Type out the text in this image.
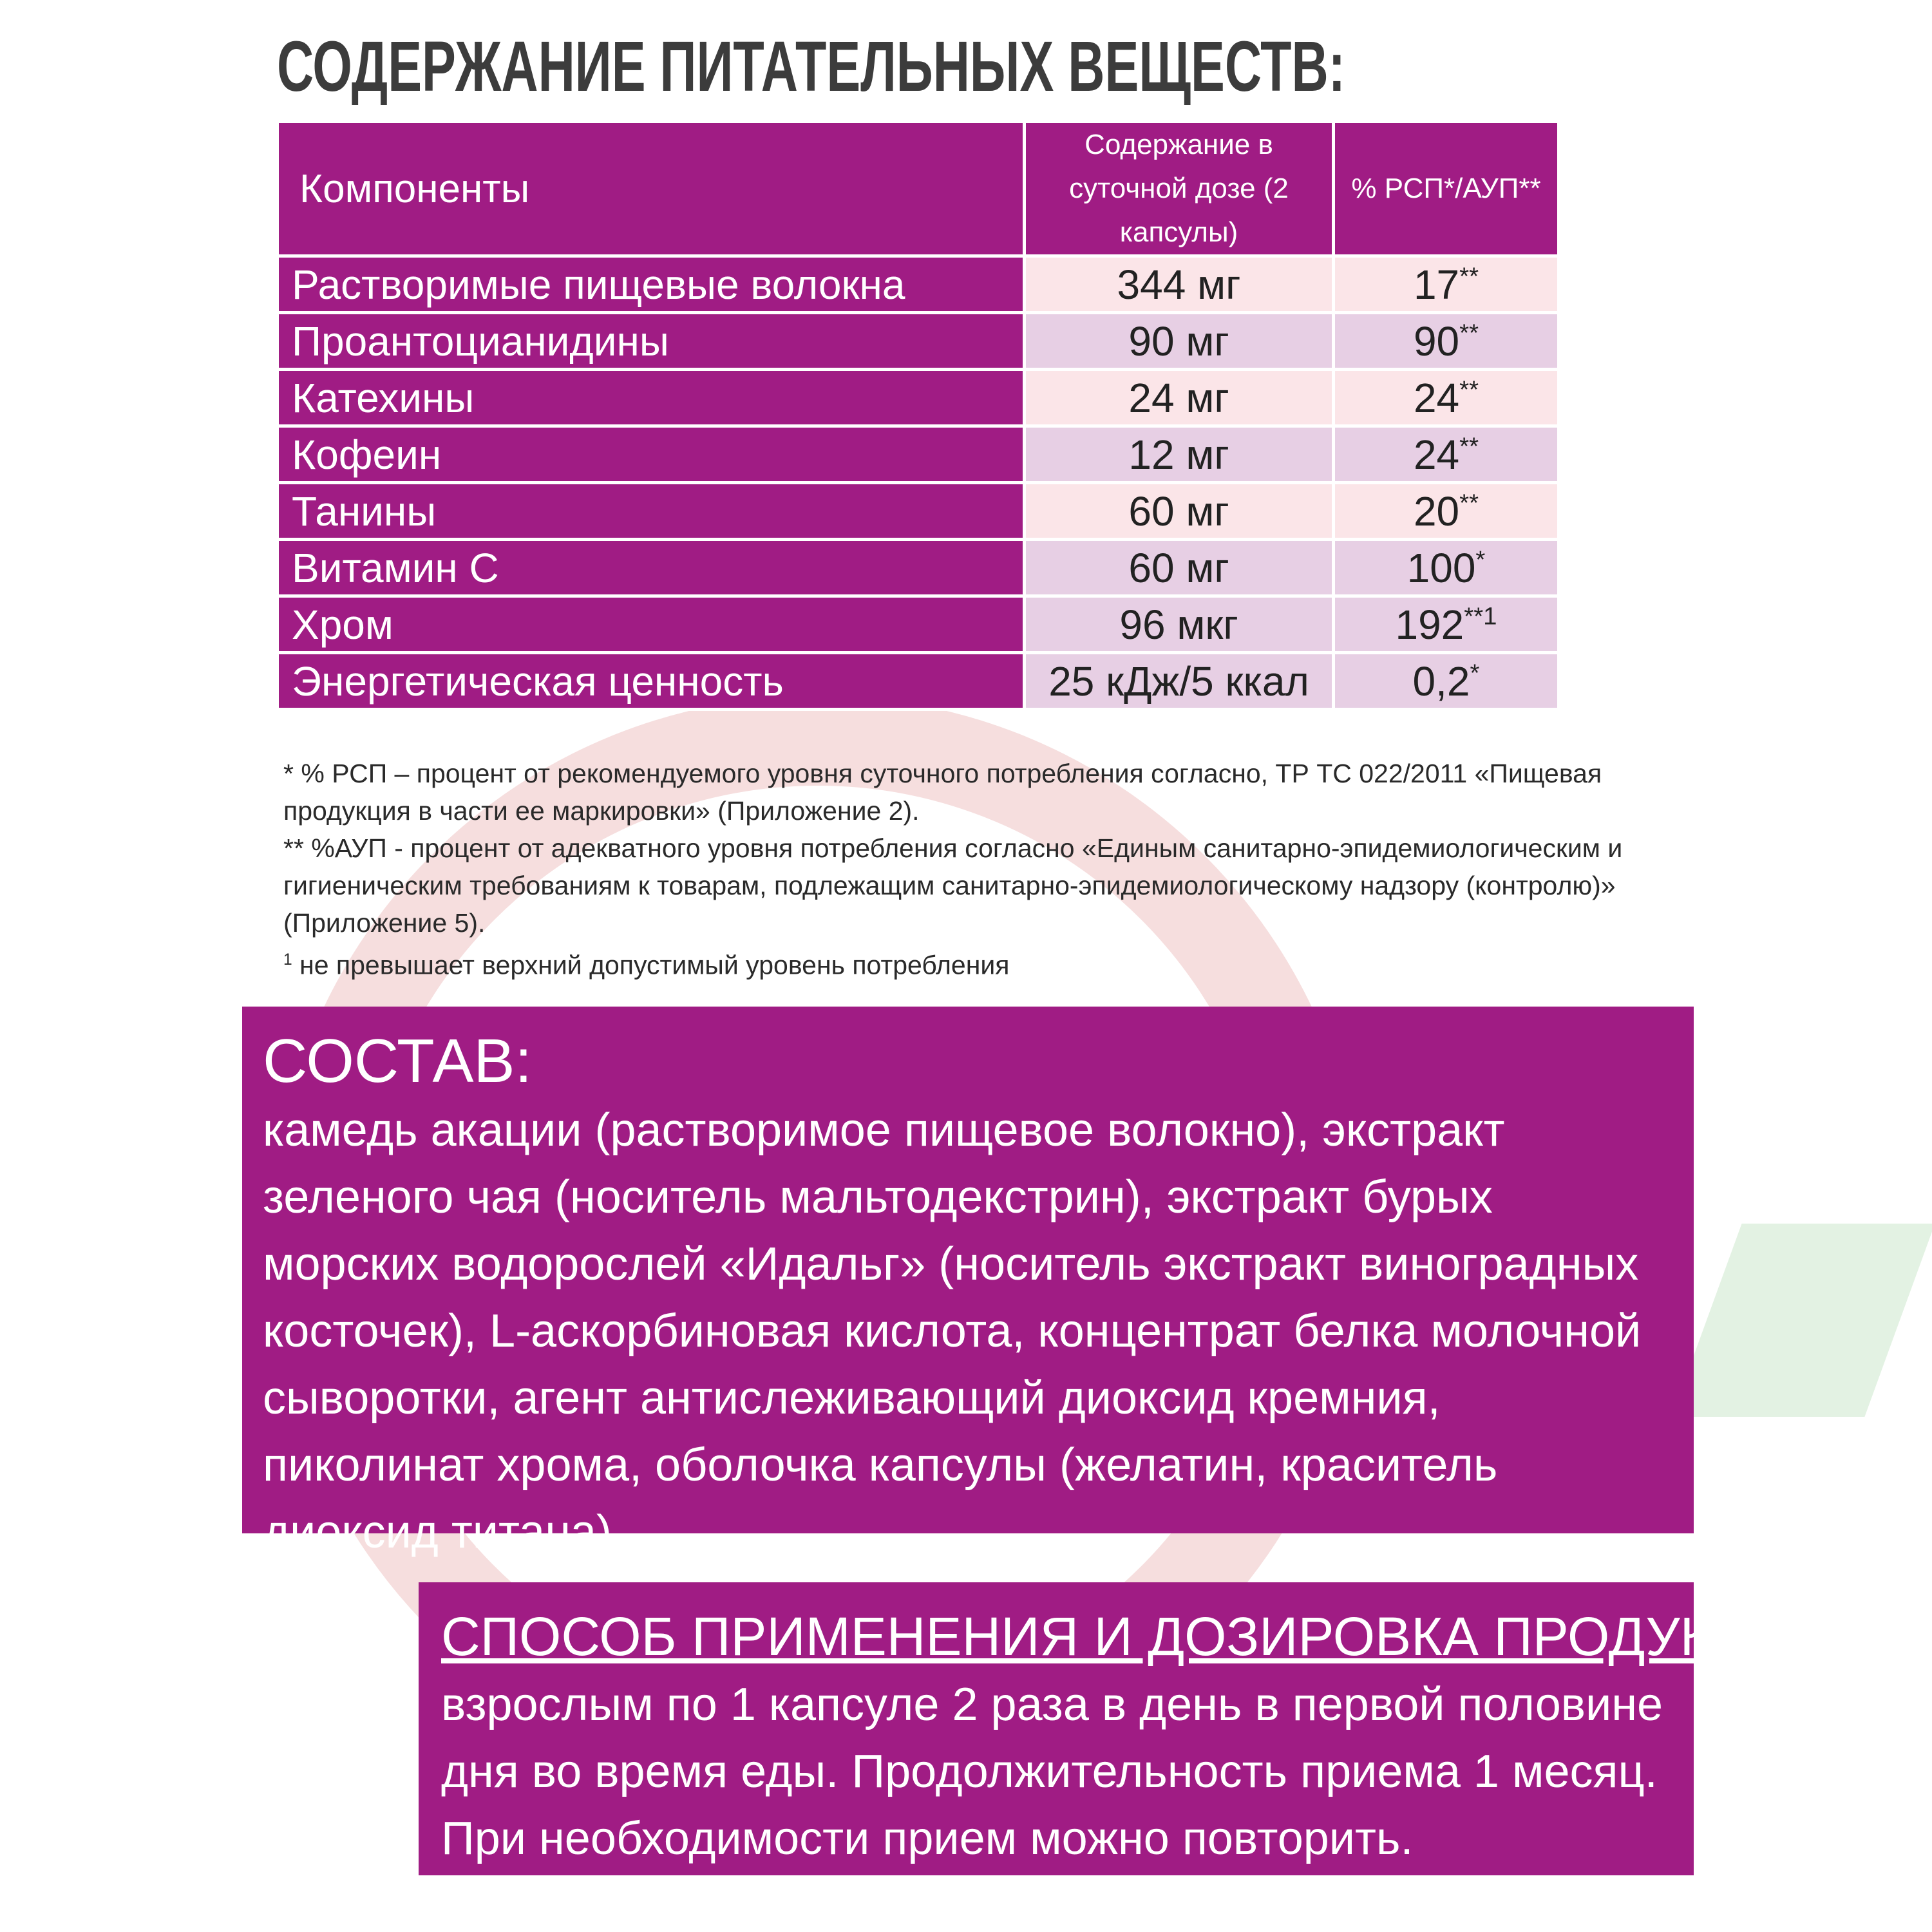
СОДЕРЖАНИЕ ПИТАТЕЛЬНЫХ ВЕЩЕСТВ:
Компоненты	Содержание в суточной дозе (2 капсулы)	% РСП*/АУП**
Растворимые пищевые волокна	344 мг	17**
Проантоцианидины	90 мг	90**
Катехины	24 мг	24**
Кофеин	12 мг	24**
Танины	60 мг	20**
Витамин С	60 мг	100*
Хром	96 мкг	192$^{**1}$
Энергетическая ценность	25 кДж/5 ккал	0,2*
* % РСП – процент от рекомендуемого уровня суточного потребления согласно, ТР ТС 022/2011 «Пищевая продукция в части ее маркировки» (Приложение 2).
** %АУП - процент от адекватного уровня потребления согласно «Единым санитарно-эпидемиологическим и гигиеническим требованиям к товарам, подлежащим санитарно-эпидемиологическому надзору (контролю)» (Приложение 5).
$^1$ не превышает верхний допустимый уровень потребления
СОСТАВ:
камедь акации (растворимое пищевое волокно), экстракт зеленого чая (носитель мальтодекстрин), экстракт бурых морских водорослей «Идальг» (носитель экстракт виноградных косточек), L-аскорбиновая кислота, концентрат белка молочной сыворотки, агент антислеживающий диоксид кремния, пиколинат хрома, оболочка капсулы (желатин, краситель диоксид титана).
СПОСОБ ПРИМЕНЕНИЯ И ДОЗИРОВКА ПРОДУКТА:
взрослым по 1 капсуле 2 раза в день в первой половине дня во время еды. Продолжительность приема 1 месяц. При необходимости прием можно повторить.
